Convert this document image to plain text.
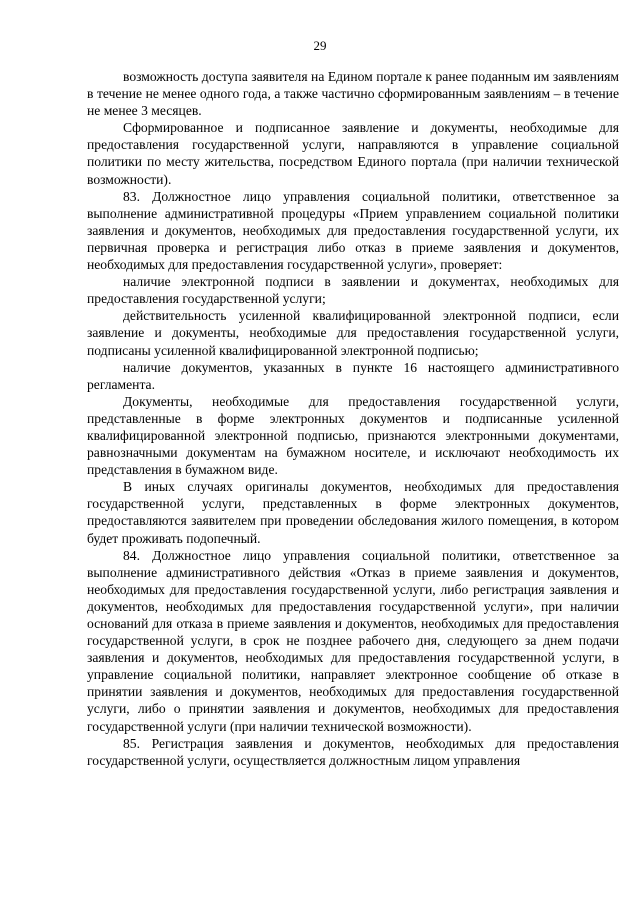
29

возможность доступа заявителя на Едином портале к ранее поданным им заявлениям в течение не менее одного года, а также частично сформированным заявлениям – в течение не менее 3 месяцев.

Сформированное и подписанное заявление и документы, необходимые для предоставления государственной услуги, направляются в управление социальной политики по месту жительства, посредством Единого портала (при наличии технической возможности).

83. Должностное лицо управления социальной политики, ответственное за выполнение административной процедуры «Прием управлением социальной политики заявления и документов, необходимых для предоставления государственной услуги, их первичная проверка и регистрация либо отказ в приеме заявления и документов, необходимых для предоставления государственной услуги», проверяет:

наличие электронной подписи в заявлении и документах, необходимых для предоставления государственной услуги;

действительность усиленной квалифицированной электронной подписи, если заявление и документы, необходимые для предоставления государственной услуги, подписаны усиленной квалифицированной электронной подписью;

наличие документов, указанных в пункте 16 настоящего административного регламента.

Документы, необходимые для предоставления государственной услуги, представленные в форме электронных документов и подписанные усиленной квалифицированной электронной подписью, признаются электронными документами, равнозначными документам на бумажном носителе, и исключают необходимость их представления в бумажном виде.

В иных случаях оригиналы документов, необходимых для предоставления государственной услуги, представленных в форме электронных документов, предоставляются заявителем при проведении обследования жилого помещения, в котором будет проживать подопечный.

84. Должностное лицо управления социальной политики, ответственное за выполнение административного действия «Отказ в приеме заявления и документов, необходимых для предоставления государственной услуги, либо регистрация заявления и документов, необходимых для предоставления государственной услуги», при наличии оснований для отказа в приеме заявления и документов, необходимых для предоставления государственной услуги, в срок не позднее рабочего дня, следующего за днем подачи заявления и документов, необходимых для предоставления государственной услуги, в управление социальной политики, направляет электронное сообщение об отказе в принятии заявления и документов, необходимых для предоставления государственной услуги, либо о принятии заявления и документов, необходимых для предоставления государственной услуги (при наличии технической возможности).

85. Регистрация заявления и документов, необходимых для предоставления государственной услуги, осуществляется должностным лицом управления
